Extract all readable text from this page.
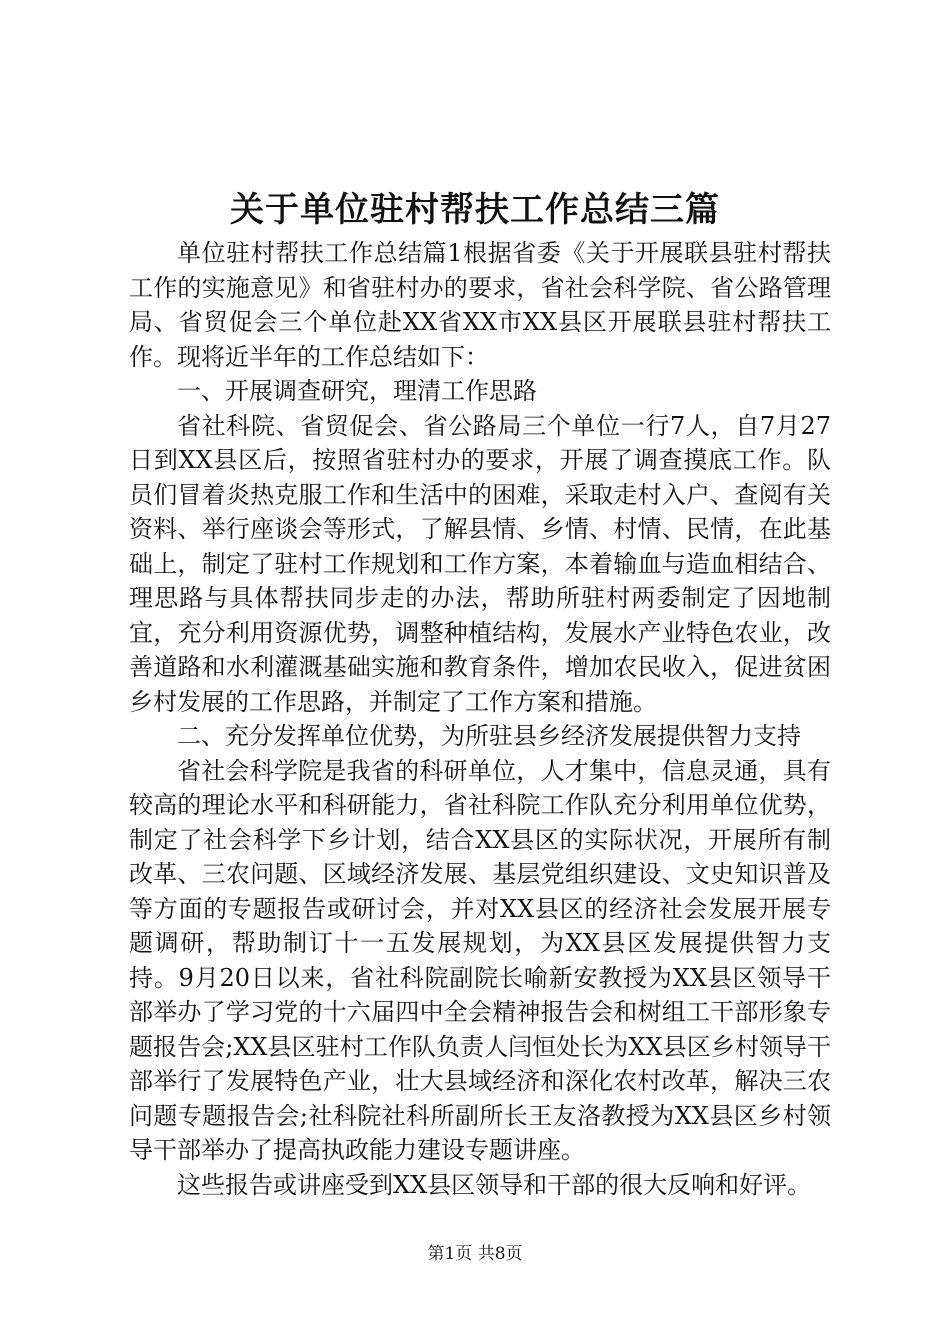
关于单位驻村帮扶工作总结三篇

单位驻村帮扶工作总结篇1根据省委《关于开展联县驻村帮扶工作的实施意见》和省驻村办的要求，省社会科学院、省公路管理局、省贸促会三个单位赴XX省XX市XX县区开展联县驻村帮扶工作。现将近半年的工作总结如下：

一、开展调查研究，理清工作思路

省社科院、省贸促会、省公路局三个单位一行7人，自7月27日到XX县区后，按照省驻村办的要求，开展了调查摸底工作。队员们冒着炎热克服工作和生活中的困难，采取走村入户、查阅有关资料、举行座谈会等形式，了解县情、乡情、村情、民情，在此基础上，制定了驻村工作规划和工作方案，本着输血与造血相结合、理思路与具体帮扶同步走的办法，帮助所驻村两委制定了因地制宜，充分利用资源优势，调整种植结构，发展水产业特色农业，改善道路和水利灌溉基础实施和教育条件，增加农民收入，促进贫困乡村发展的工作思路，并制定了工作方案和措施。

二、充分发挥单位优势，为所驻县乡经济发展提供智力支持

省社会科学院是我省的科研单位，人才集中，信息灵通，具有较高的理论水平和科研能力，省社科院工作队充分利用单位优势，制定了社会科学下乡计划，结合XX县区的实际状况，开展所有制改革、三农问题、区域经济发展、基层党组织建设、文史知识普及等方面的专题报告或研讨会，并对XX县区的经济社会发展开展专题调研，帮助制订十一五发展规划，为XX县区发展提供智力支持。9月20日以来，省社科院副院长喻新安教授为XX县区领导干部举办了学习党的十六届四中全会精神报告会和树组工干部形象专题报告会;XX县区驻村工作队负责人闫恒处长为XX县区乡村领导干部举行了发展特色产业，壮大县域经济和深化农村改革，解决三农问题专题报告会;社科院社科所副所长王友洛教授为XX县区乡村领导干部举办了提高执政能力建设专题讲座。

这些报告或讲座受到XX县区领导和干部的很大反响和好评。

第1页 共8页
